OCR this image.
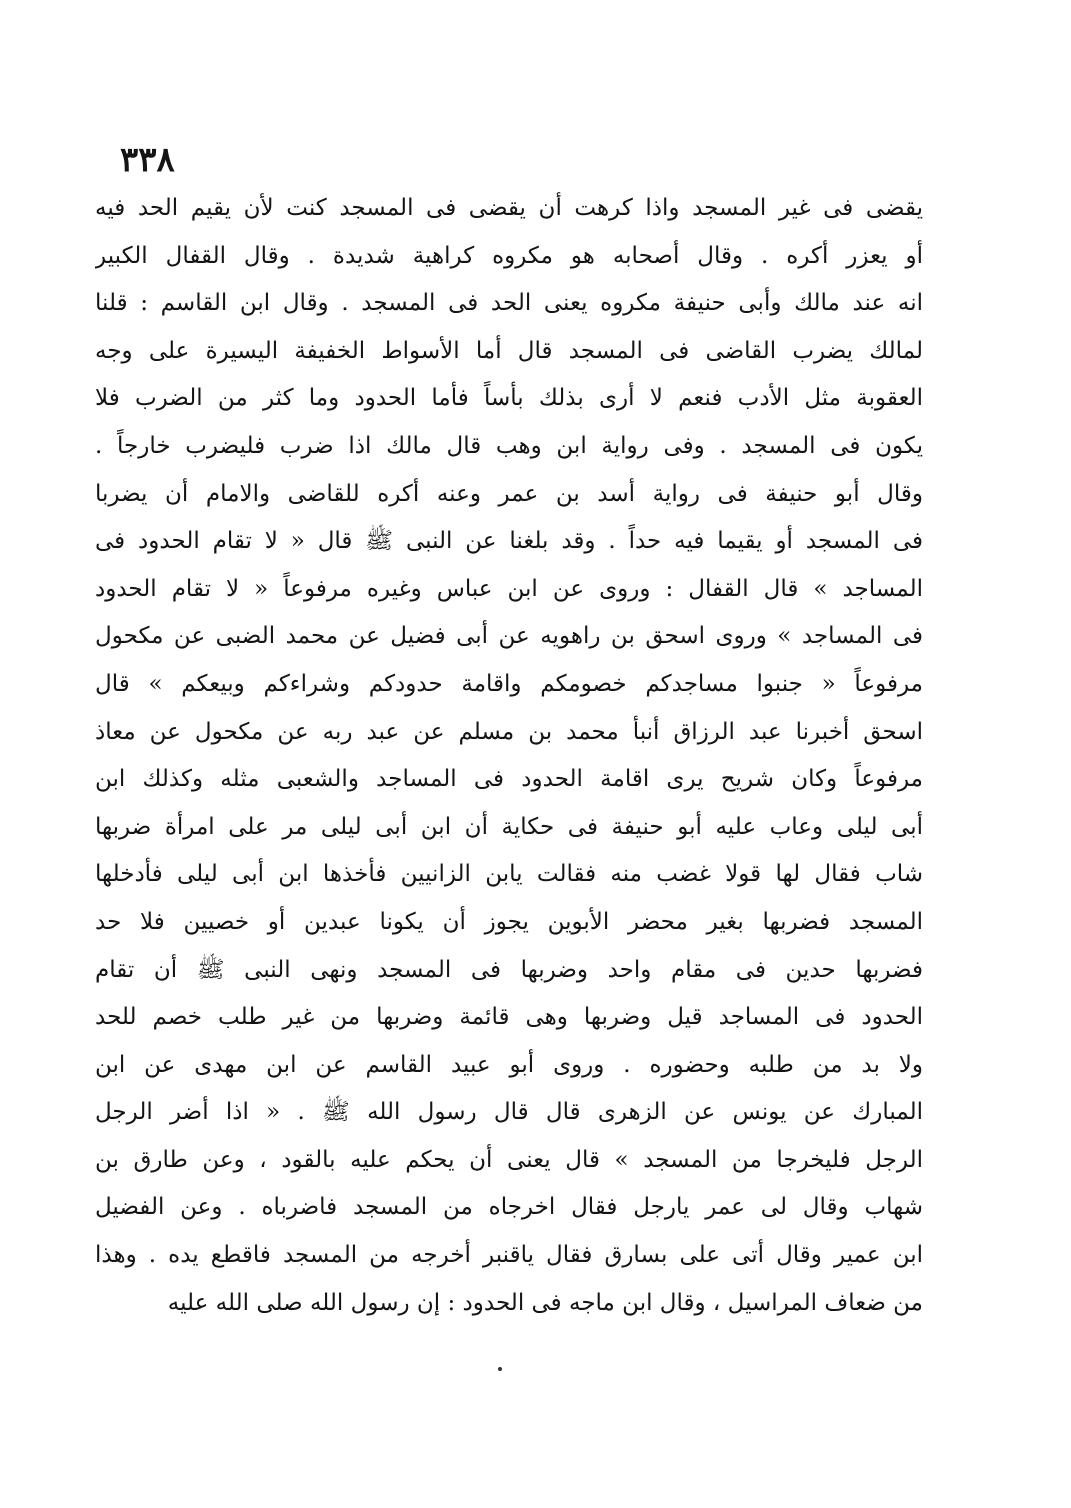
٣٣٨
يقضى فى غير المسجد واذا كرهت أن يقضى فى المسجد كنت لأن يقيم الحد فيه
أو يعزر أكره . وقال أصحابه هو مكروه كراهية شديدة . وقال القفال الكبير
انه عند مالك وأبى حنيفة مكروه يعنى الحد فى المسجد . وقال ابن القاسم : قلنا
لمالك يضرب القاضى فى المسجد قال أما الأسواط الخفيفة اليسيرة على وجه
العقوبة مثل الأدب فنعم لا أرى بذلك بأساً فأما الحدود وما كثر من الضرب فلا
يكون فى المسجد . وفى رواية ابن وهب قال مالك اذا ضرب فليضرب خارجاً .
وقال أبو حنيفة فى رواية أسد بن عمر وعنه أكره للقاضى والامام أن يضربا
فى المسجد أو يقيما فيه حداً . وقد بلغنا عن النبى ﷺ قال « لا تقام الحدود فى
المساجد » قال القفال : وروى عن ابن عباس وغيره مرفوعاً « لا تقام الحدود
فى المساجد » وروى اسحق بن راهويه عن أبى فضيل عن محمد الضبى عن مكحول
مرفوعاً « جنبوا مساجدكم خصومكم واقامة حدودكم وشراءكم وبيعكم » قال
اسحق أخبرنا عبد الرزاق أنبأ محمد بن مسلم عن عبد ربه عن مكحول عن معاذ
مرفوعاً وكان شريح يرى اقامة الحدود فى المساجد والشعبى مثله وكذلك ابن
أبى ليلى وعاب عليه أبو حنيفة فى حكاية أن ابن أبى ليلى مر على امرأة ضربها
شاب فقال لها قولا غضب منه فقالت يابن الزانيين فأخذها ابن أبى ليلى فأدخلها
المسجد فضربها بغير محضر الأبوين يجوز أن يكونا عبدين أو خصيين فلا حد
فضربها حدين فى مقام واحد وضربها فى المسجد ونهى النبى ﷺ أن تقام
الحدود فى المساجد قيل وضربها وهى قائمة وضربها من غير طلب خصم للحد
ولا بد من طلبه وحضوره . وروى أبو عبيد القاسم عن ابن مهدى عن ابن
المبارك عن يونس عن الزهرى قال قال رسول الله ﷺ . « اذا أضر الرجل
الرجل فليخرجا من المسجد » قال يعنى أن يحكم عليه بالقود ، وعن طارق بن
شهاب وقال لى عمر يارجل فقال اخرجاه من المسجد فاضرباه . وعن الفضيل
ابن عمير وقال أتى على بسارق فقال ياقنبر أخرجه من المسجد فاقطع يده . وهذا
من ضعاف المراسيل ، وقال ابن ماجه فى الحدود : إن رسول الله صلى الله عليه
